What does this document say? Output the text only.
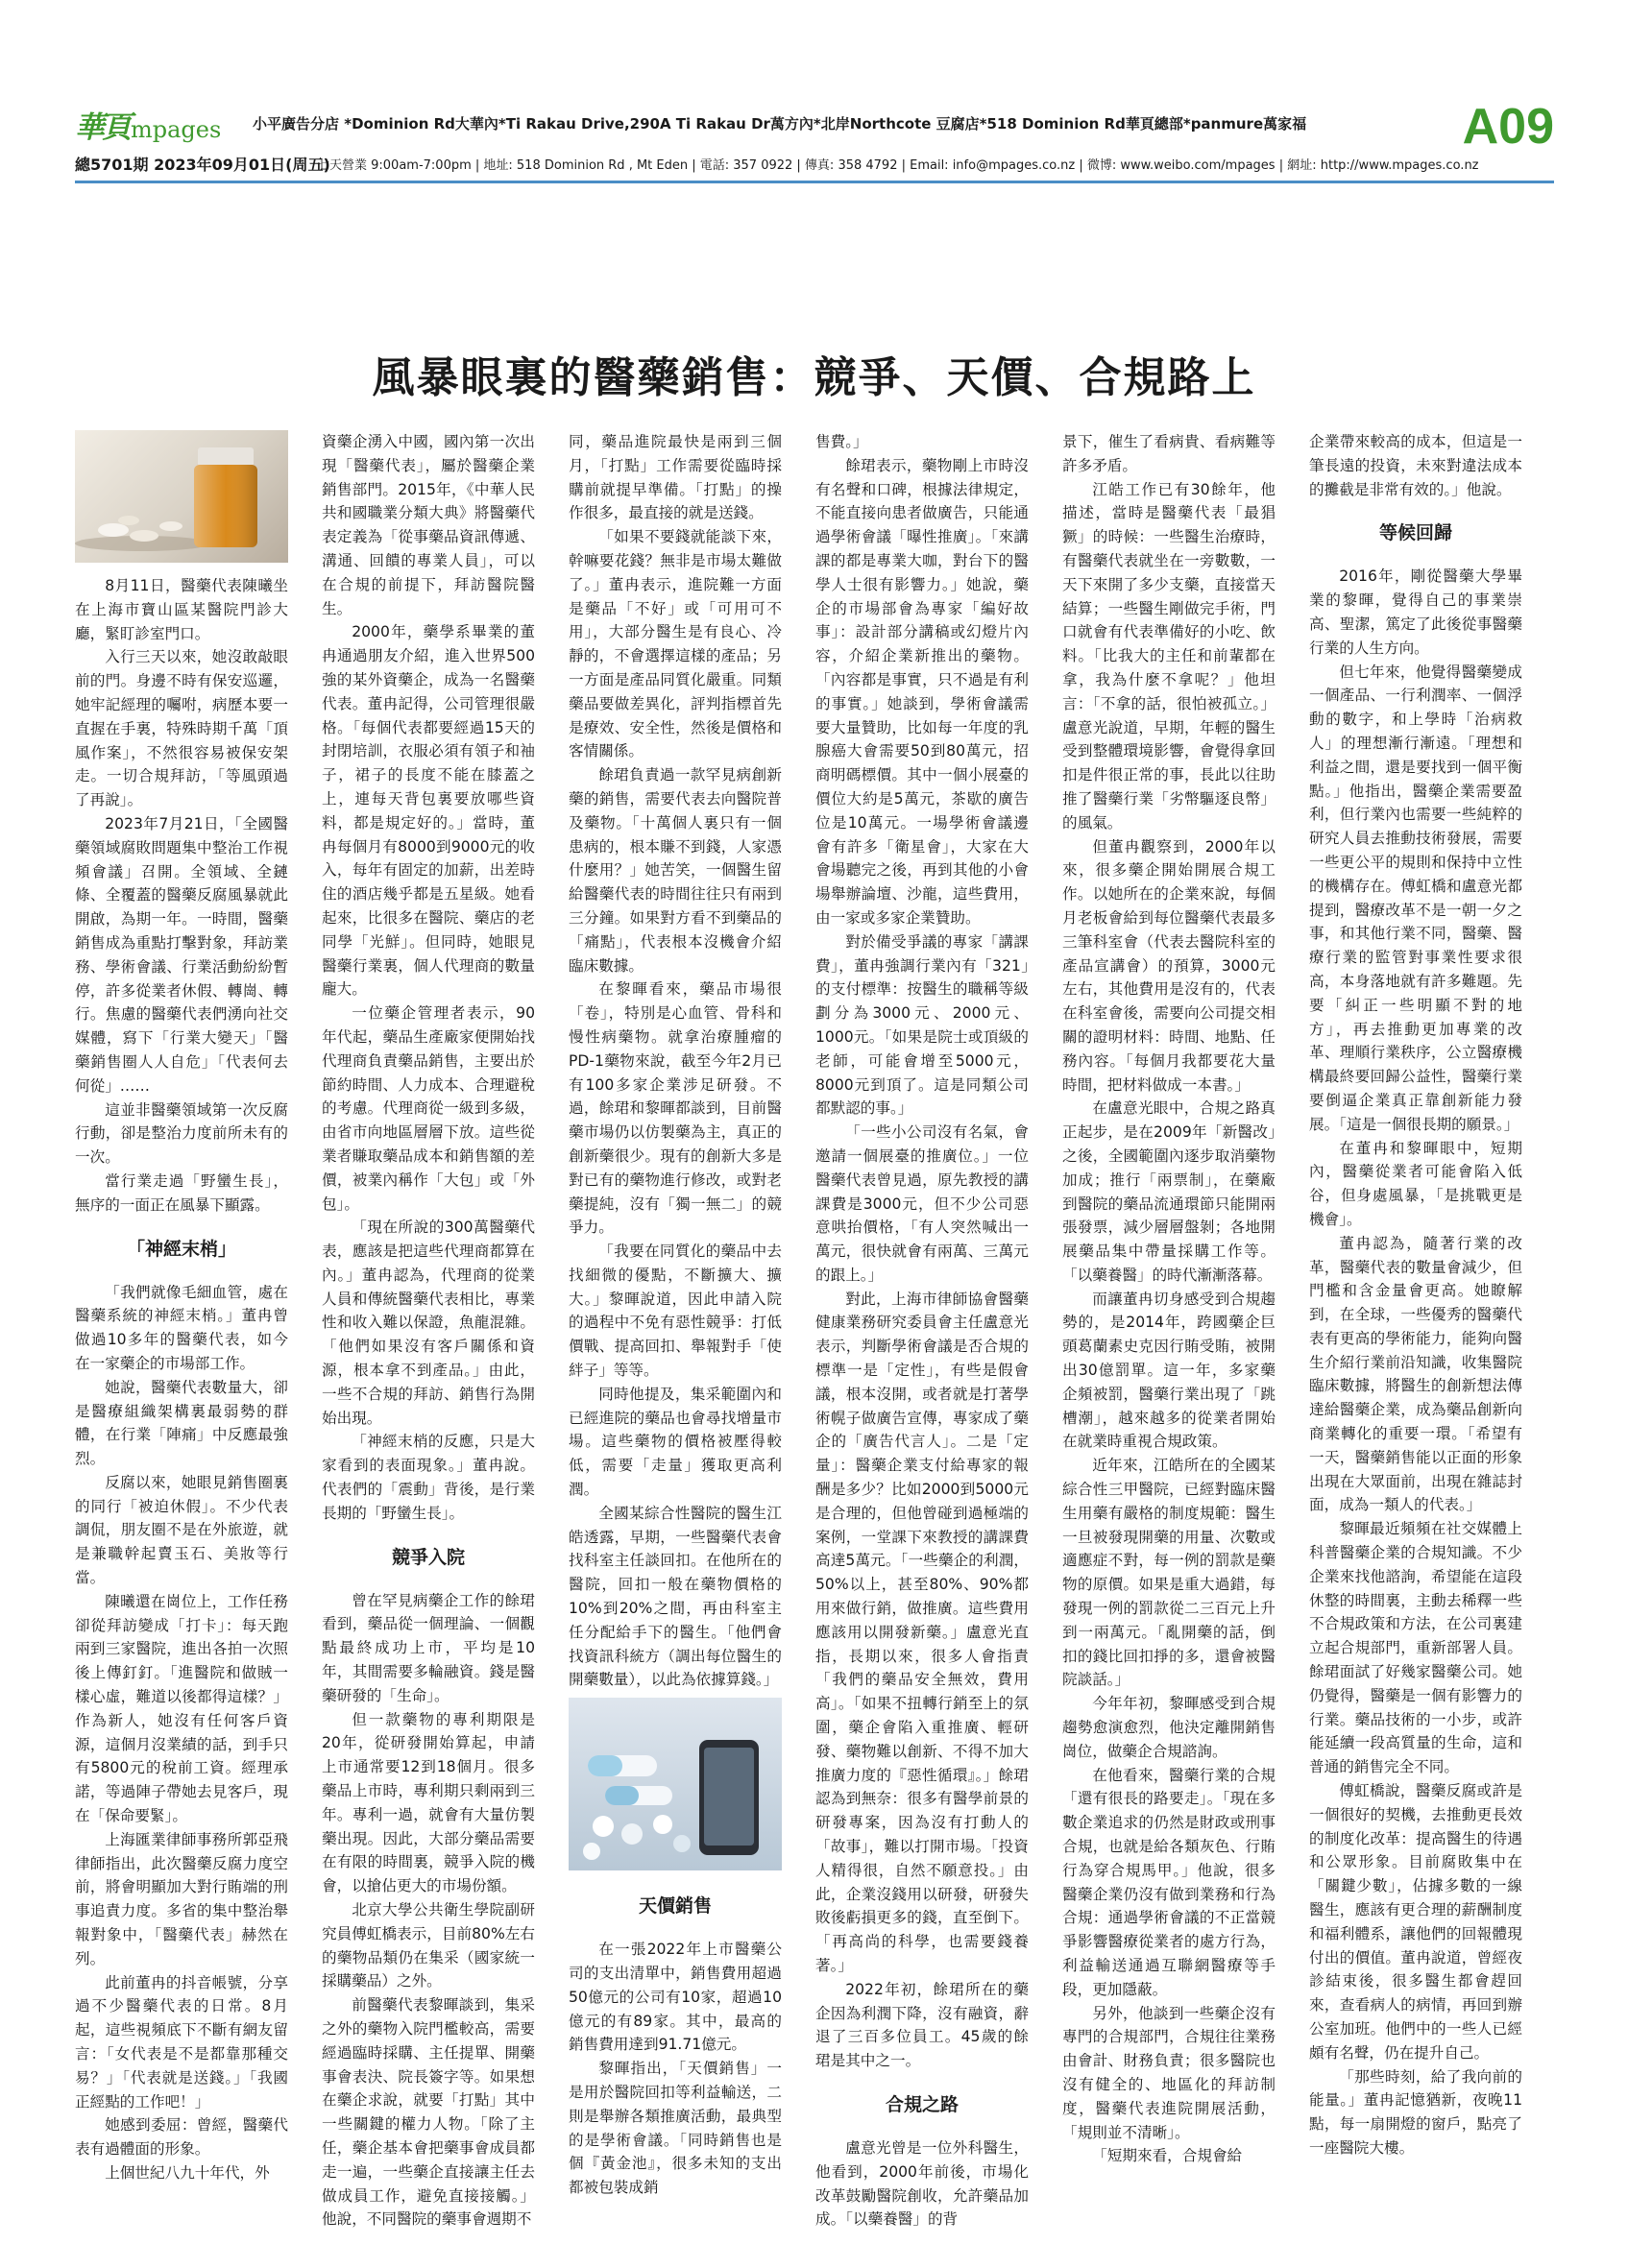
華頁 mpages 小平廣告分店 *Dominion Rd大華內*Ti Rakau Drive,290A Ti Rakau Dr萬方內*北岸Northcote 豆腐店*518 Dominion Rd華頁總部*panmure萬家福	A09
總5701期 2023年09月01日(周五)
七天營業 9:00am-7:00pm | 地址: 518 Dominion Rd , Mt Eden | 電話: 357 0922 | 傳真: 358 4792 | Email: info@mpages.co.nz | 微博: www.weibo.com/mpages | 網址: http://www.mpages.co.nz
風暴眼裏的醫藥銷售：競爭、天價、合規路上

8月11日，醫藥代表陳曦坐在上海市寶山區某醫院門診大廳，緊盯診室門口。

入行三天以來，她沒敢敲眼前的門。身邊不時有保安巡邏，她牢記經理的囑咐，病歷本要一直握在手裏，特殊時期千萬「頂風作案」，不然很容易被保安架走。一切合規拜訪，「等風頭過了再說」。

2023年7月21日，「全國醫藥領域腐敗問題集中整治工作視頻會議」召開。全領域、全鏈條、全覆蓋的醫藥反腐風暴就此開啟，為期一年。一時間，醫藥銷售成為重點打擊對象，拜訪業務、學術會議、行業活動紛紛暫停，許多從業者休假、轉崗、轉行。焦慮的醫藥代表們湧向社交媒體，寫下「行業大變天」「醫藥銷售圈人人自危」「代表何去何從」……

這並非醫藥領域第一次反腐行動，卻是整治力度前所未有的一次。

當行業走過「野蠻生長」，無序的一面正在風暴下顯露。

「神經末梢」

「我們就像毛細血管，處在醫藥系統的神經末梢。」董冉曾做過10多年的醫藥代表，如今在一家藥企的市場部工作。

她說，醫藥代表數量大，卻是醫療組織架構裏最弱勢的群體，在行業「陣痛」中反應最強烈。

反腐以來，她眼見銷售圈裏的同行「被迫休假」。不少代表調侃，朋友圈不是在外旅遊，就是兼職幹起賣玉石、美妝等行當。

陳曦還在崗位上，工作任務卻從拜訪變成「打卡」：每天跑兩到三家醫院，進出各拍一次照後上傳釘釘。「進醫院和做賊一樣心虛，難道以後都得這樣？」作為新人，她沒有任何客戶資源，這個月沒業績的話，到手只有5800元的稅前工資。經理承諾，等過陣子帶她去見客戶，現在「保命要緊」。

上海匯業律師事務所郭亞飛律師指出，此次醫藥反腐力度空前，將會明顯加大對行賄端的刑事追責力度。多省的集中整治舉報對象中，「醫藥代表」赫然在列。

此前董冉的抖音帳號，分享過不少醫藥代表的日常。8月起，這些視頻底下不斷有網友留言：「女代表是不是都靠那種交易？」「代表就是送錢。」「我國正經點的工作吧！」

她感到委屈：曾經，醫藥代表有過體面的形象。

上個世紀八九十年代，外

資藥企湧入中國，國內第一次出現「醫藥代表」，屬於醫藥企業銷售部門。2015年，《中華人民共和國職業分類大典》將醫藥代表定義為「從事藥品資訊傳遞、溝通、回饋的專業人員」，可以在合規的前提下，拜訪醫院醫生。

2000年，藥學系畢業的董冉通過朋友介紹，進入世界500強的某外資藥企，成為一名醫藥代表。董冉記得，公司管理很嚴格。「每個代表都要經過15天的封閉培訓，衣服必須有領子和袖子，裙子的長度不能在膝蓋之上，連每天背包裏要放哪些資料，都是規定好的。」當時，董冉每個月有8000到9000元的收入，每年有固定的加薪，出差時住的酒店幾乎都是五星級。她看起來，比很多在醫院、藥店的老同學「光鮮」。但同時，她眼見醫藥行業裏，個人代理商的數量龐大。

一位藥企管理者表示，90年代起，藥品生產廠家便開始找代理商負責藥品銷售，主要出於節約時間、人力成本、合理避稅的考慮。代理商從一級到多級，由省市向地區層層下放。這些從業者賺取藥品成本和銷售額的差價，被業內稱作「大包」或「外包」。

「現在所說的300萬醫藥代表，應該是把這些代理商都算在內。」董冉認為，代理商的從業人員和傳統醫藥代表相比，專業性和收入難以保證，魚龍混雜。「他們如果沒有客戶關係和資源，根本拿不到產品。」由此，一些不合規的拜訪、銷售行為開始出現。

「神經末梢的反應，只是大家看到的表面現象。」董冉說。代表們的「震動」背後，是行業長期的「野蠻生長」。

競爭入院

曾在罕見病藥企工作的餘珺看到，藥品從一個理論、一個觀點最終成功上市，平均是10年，其間需要多輪融資。錢是醫藥研發的「生命」。

但一款藥物的專利期限是20年，從研發開始算起，申請上市通常要12到18個月。很多藥品上市時，專利期只剩兩到三年。專利一過，就會有大量仿製藥出現。因此，大部分藥品需要在有限的時間裏，競爭入院的機會，以搶佔更大的市場份額。

北京大學公共衛生學院副研究員傅虹橋表示，目前80%左右的藥物品類仍在集采（國家統一採購藥品）之外。

前醫藥代表黎暉談到，集采之外的藥物入院門檻較高，需要經過臨時採購、主任提單、開藥事會表決、院長簽字等。如果想在藥企求說，就要「打點」其中一些關鍵的權力人物。「除了主任，藥企基本會把藥事會成員都走一遍，一些藥企直接讓主任去做成員工作，避免直接接觸。」他說，不同醫院的藥事會週期不

同，藥品進院最快是兩到三個月，「打點」工作需要從臨時採購前就提早準備。「打點」的操作很多，最直接的就是送錢。

「如果不要錢就能談下來，幹嘛要花錢？無非是市場太難做了。」董冉表示，進院難一方面是藥品「不好」或「可用可不用」，大部分醫生是有良心、冷靜的，不會選擇這樣的產品；另一方面是產品同質化嚴重。同類藥品要做差異化，評判指標首先是療效、安全性，然後是價格和客情關係。

餘珺負責過一款罕見病創新藥的銷售，需要代表去向醫院普及藥物。「十萬個人裏只有一個患病的，根本賺不到錢，人家憑什麼用？」她苦笑，一個醫生留給醫藥代表的時間往往只有兩到三分鐘。如果對方看不到藥品的「痛點」，代表根本沒機會介紹臨床數據。

在黎暉看來，藥品市場很「卷」，特別是心血管、骨科和慢性病藥物。就拿治療腫瘤的PD-1藥物來說，截至今年2月已有100多家企業涉足研發。不過，餘珺和黎暉都談到，目前醫藥市場仍以仿製藥為主，真正的創新藥很少。現有的創新大多是對已有的藥物進行修改，或對老藥提純，沒有「獨一無二」的競爭力。

「我要在同質化的藥品中去找細微的優點，不斷擴大、擴大。」黎暉說道，因此申請入院的過程中不免有惡性競爭：打低價戰、提高回扣、舉報對手「使絆子」等等。

同時他提及，集采範圍內和已經進院的藥品也會尋找增量市場。這些藥物的價格被壓得較低，需要「走量」獲取更高利潤。

全國某綜合性醫院的醫生江皓透露，早期，一些醫藥代表會找科室主任談回扣。在他所在的醫院，回扣一般在藥物價格的10%到20%之間，再由科室主任分配給手下的醫生。「他們會找資訊科統方（調出每位醫生的開藥數量），以此為依據算錢。」

天價銷售

在一張2022年上市醫藥公司的支出清單中，銷售費用超過50億元的公司有10家，超過10億元的有89家。其中，最高的銷售費用達到91.71億元。

黎暉指出，「天價銷售」一是用於醫院回扣等利益輸送，二則是舉辦各類推廣活動，最典型的是學術會議。「同時銷售也是個『黃金池』，很多未知的支出都被包裝成銷

售費。」

餘珺表示，藥物剛上市時沒有名聲和口碑，根據法律規定，不能直接向患者做廣告，只能通過學術會議「曝性推廣」。「來講課的都是專業大咖，對台下的醫學人士很有影響力。」她說，藥企的市場部會為專家「編好故事」：設計部分講稿或幻燈片內容，介紹企業新推出的藥物。「內容都是事實，只不過是有利的事實。」她談到，學術會議需要大量贊助，比如每一年度的乳腺癌大會需要50到80萬元，招商明碼標價。其中一個小展臺的價位大約是5萬元，茶歇的廣告位是10萬元。一場學術會議邊會有許多「衛星會」，大家在大會場聽完之後，再到其他的小會場舉辦論壇、沙龍，這些費用，由一家或多家企業贊助。

對於備受爭議的專家「講課費」，董冉強調行業內有「321」的支付標準：按醫生的職稱等級劃分為3000元、2000元、1000元。「如果是院士或頂級的老師，可能會增至5000元，8000元到頂了。這是同類公司都默認的事。」

「一些小公司沒有名氣，會邀請一個展臺的推廣位。」一位醫藥代表曾見過，原先教授的講課費是3000元，但不少公司惡意哄抬價格，「有人突然喊出一萬元，很快就會有兩萬、三萬元的跟上。」

對此，上海市律師協會醫藥健康業務研究委員會主任盧意光表示，判斷學術會議是否合規的標準一是「定性」，有些是假會議，根本沒開，或者就是打著學術幌子做廣告宣傳，專家成了藥企的「廣告代言人」。二是「定量」：醫藥企業支付給專家的報酬是多少？比如2000到5000元是合理的，但他曾碰到過極端的案例，一堂課下來教授的講課費高達5萬元。「一些藥企的利潤，50%以上，甚至80%、90%都用來做行銷，做推廣。這些費用應該用以開發新藥。」盧意光直指，長期以來，很多人會指責「我們的藥品安全無效，費用高」。「如果不扭轉行銷至上的氛圍，藥企會陷入重推廣、輕研發、藥物難以創新、不得不加大推廣力度的『惡性循環』。」餘珺認為到無奈：很多有醫學前景的研發專案，因為沒有打動人的「故事」，難以打開市場。「投資人精得很，自然不願意投。」由此，企業沒錢用以研發，研發失敗後虧損更多的錢，直至倒下。「再高尚的科學，也需要錢養著。」

2022年初，餘珺所在的藥企因為利潤下降，沒有融資，辭退了三百多位員工。45歲的餘珺是其中之一。

合規之路

盧意光曾是一位外科醫生，他看到，2000年前後，市場化改革鼓勵醫院創收，允許藥品加成。「以藥養醫」的背

景下，催生了看病貴、看病難等許多矛盾。

江皓工作已有30餘年，他描述，當時是醫藥代表「最猖獗」的時候：一些醫生治療時，有醫藥代表就坐在一旁數數，一天下來開了多少支藥，直接當天結算；一些醫生剛做完手術，門口就會有代表準備好的小吃、飲料。「比我大的主任和前輩都在拿，我為什麼不拿呢？」他坦言：「不拿的話，很怕被孤立。」盧意光說道，早期，年輕的醫生受到整體環境影響，會覺得拿回扣是件很正常的事，長此以往助推了醫藥行業「劣幣驅逐良幣」的風氣。

但董冉觀察到，2000年以來，很多藥企開始開展合規工作。以她所在的企業來說，每個月老板會給到每位醫藥代表最多三筆科室會（代表去醫院科室的產品宣講會）的預算，3000元左右，其他費用是沒有的，代表在科室會後，需要向公司提交相關的證明材料：時間、地點、任務內容。「每個月我都要花大量時間，把材料做成一本書。」

在盧意光眼中，合規之路真正起步，是在2009年「新醫改」之後，全國範圍內逐步取消藥物加成；推行「兩票制」，在藥廠到醫院的藥品流通環節只能開兩張發票，減少層層盤剝；各地開展藥品集中帶量採購工作等。「以藥養醫」的時代漸漸落幕。

而讓董冉切身感受到合規趨勢的，是2014年，跨國藥企巨頭葛蘭素史克因行賄受賄，被開出30億罰單。這一年，多家藥企頻被罰，醫藥行業出現了「跳槽潮」，越來越多的從業者開始在就業時重視合規政策。

近年來，江皓所在的全國某綜合性三甲醫院，已經對臨床醫生用藥有嚴格的制度規範：醫生一旦被發現開藥的用量、次數或適應症不對，每一例的罰款是藥物的原價。如果是重大過錯，每發現一例的罰款從二三百元上升到一兩萬元。「亂開藥的話，倒扣的錢比回扣掙的多，還會被醫院談話。」

今年年初，黎暉感受到合規趨勢愈演愈烈，他決定離開銷售崗位，做藥企合規諮詢。

在他看來，醫藥行業的合規「還有很長的路要走」。「現在多數企業追求的仍然是財政或刑事合規，也就是給各類灰色、行賄行為穿合規馬甲。」他說，很多醫藥企業仍沒有做到業務和行為合規：通過學術會議的不正當競爭影響醫療從業者的處方行為，利益輸送通過互聯網醫療等手段，更加隱蔽。

另外，他談到一些藥企沒有專門的合規部門，合規往往業務由會計、財務負責；很多醫院也沒有健全的、地區化的拜訪制度，醫藥代表進院開展活動，「規則並不清晰」。

「短期來看，合規會給

企業帶來較高的成本，但這是一筆長遠的投資，未來對違法成本的攤截是非常有效的。」他說。

等候回歸

2016年，剛從醫藥大學畢業的黎暉，覺得自己的事業崇高、聖潔，篤定了此後從事醫藥行業的人生方向。

但七年來，他覺得醫藥變成一個產品、一行利潤率、一個浮動的數字，和上學時「治病救人」的理想漸行漸遠。「理想和利益之間，還是要找到一個平衡點。」他指出，醫藥企業需要盈利，但行業內也需要一些純粹的研究人員去推動技術發展，需要一些更公平的規則和保持中立性的機構存在。傅虹橋和盧意光都提到，醫療改革不是一朝一夕之事，和其他行業不同，醫藥、醫療行業的監管對事業性要求很高，本身落地就有許多難題。先要「糾正一些明顯不對的地方」，再去推動更加專業的改革、理順行業秩序，公立醫療機構最終要回歸公益性，醫藥行業要倒逼企業真正靠創新能力發展。「這是一個很長期的願景。」

在董冉和黎暉眼中，短期內，醫藥從業者可能會陷入低谷，但身處風暴，「是挑戰更是機會」。

董冉認為，隨著行業的改革，醫藥代表的數量會減少，但門檻和含金量會更高。她瞭解到，在全球，一些優秀的醫藥代表有更高的學術能力，能夠向醫生介紹行業前沿知識，收集醫院臨床數據，將醫生的創新想法傳達給醫藥企業，成為藥品創新向商業轉化的重要一環。「希望有一天，醫藥銷售能以正面的形象出現在大眾面前，出現在雜誌封面，成為一類人的代表。」

黎暉最近頻頻在社交媒體上科普醫藥企業的合規知識。不少企業來找他諮詢，希望能在這段休整的時間裏，主動去稀釋一些不合規政策和方法，在公司裏建立起合規部門，重新部署人員。餘珺面試了好幾家醫藥公司。她仍覺得，醫藥是一個有影響力的行業。藥品技術的一小步，或許能延續一段高質量的生命，這和普通的銷售完全不同。

傅虹橋說，醫藥反腐或許是一個很好的契機，去推動更長效的制度化改革：提高醫生的待遇和公眾形象。目前腐敗集中在「關鍵少數」，佔據多數的一線醫生，應該有更合理的薪酬制度和福利體系，讓他們的回報體現付出的價值。董冉說道，曾經夜診結束後，很多醫生都會趕回來，查看病人的病情，再回到辦公室加班。他們中的一些人已經頗有名聲，仍在提升自己。

「那些時刻，給了我向前的能量。」董冉記憶猶新，夜晚11點，每一扇開燈的窗戶，點亮了一座醫院大樓。
